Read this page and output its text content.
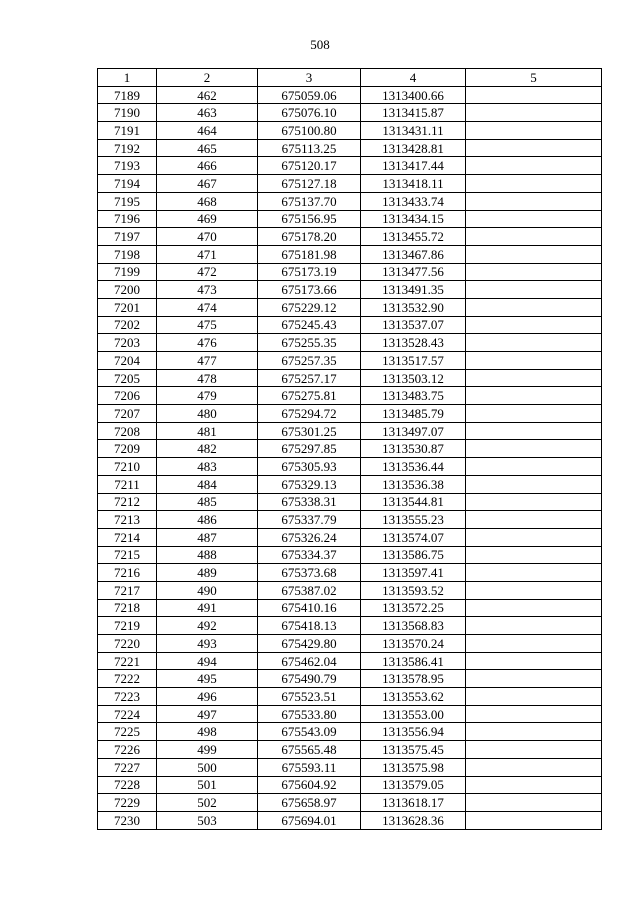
508
1	2	3	4	5
7189	462	675059.06	1313400.66	
7190	463	675076.10	1313415.87	
7191	464	675100.80	1313431.11	
7192	465	675113.25	1313428.81	
7193	466	675120.17	1313417.44	
7194	467	675127.18	1313418.11	
7195	468	675137.70	1313433.74	
7196	469	675156.95	1313434.15	
7197	470	675178.20	1313455.72	
7198	471	675181.98	1313467.86	
7199	472	675173.19	1313477.56	
7200	473	675173.66	1313491.35	
7201	474	675229.12	1313532.90	
7202	475	675245.43	1313537.07	
7203	476	675255.35	1313528.43	
7204	477	675257.35	1313517.57	
7205	478	675257.17	1313503.12	
7206	479	675275.81	1313483.75	
7207	480	675294.72	1313485.79	
7208	481	675301.25	1313497.07	
7209	482	675297.85	1313530.87	
7210	483	675305.93	1313536.44	
7211	484	675329.13	1313536.38	
7212	485	675338.31	1313544.81	
7213	486	675337.79	1313555.23	
7214	487	675326.24	1313574.07	
7215	488	675334.37	1313586.75	
7216	489	675373.68	1313597.41	
7217	490	675387.02	1313593.52	
7218	491	675410.16	1313572.25	
7219	492	675418.13	1313568.83	
7220	493	675429.80	1313570.24	
7221	494	675462.04	1313586.41	
7222	495	675490.79	1313578.95	
7223	496	675523.51	1313553.62	
7224	497	675533.80	1313553.00	
7225	498	675543.09	1313556.94	
7226	499	675565.48	1313575.45	
7227	500	675593.11	1313575.98	
7228	501	675604.92	1313579.05	
7229	502	675658.97	1313618.17	
7230	503	675694.01	1313628.36	
